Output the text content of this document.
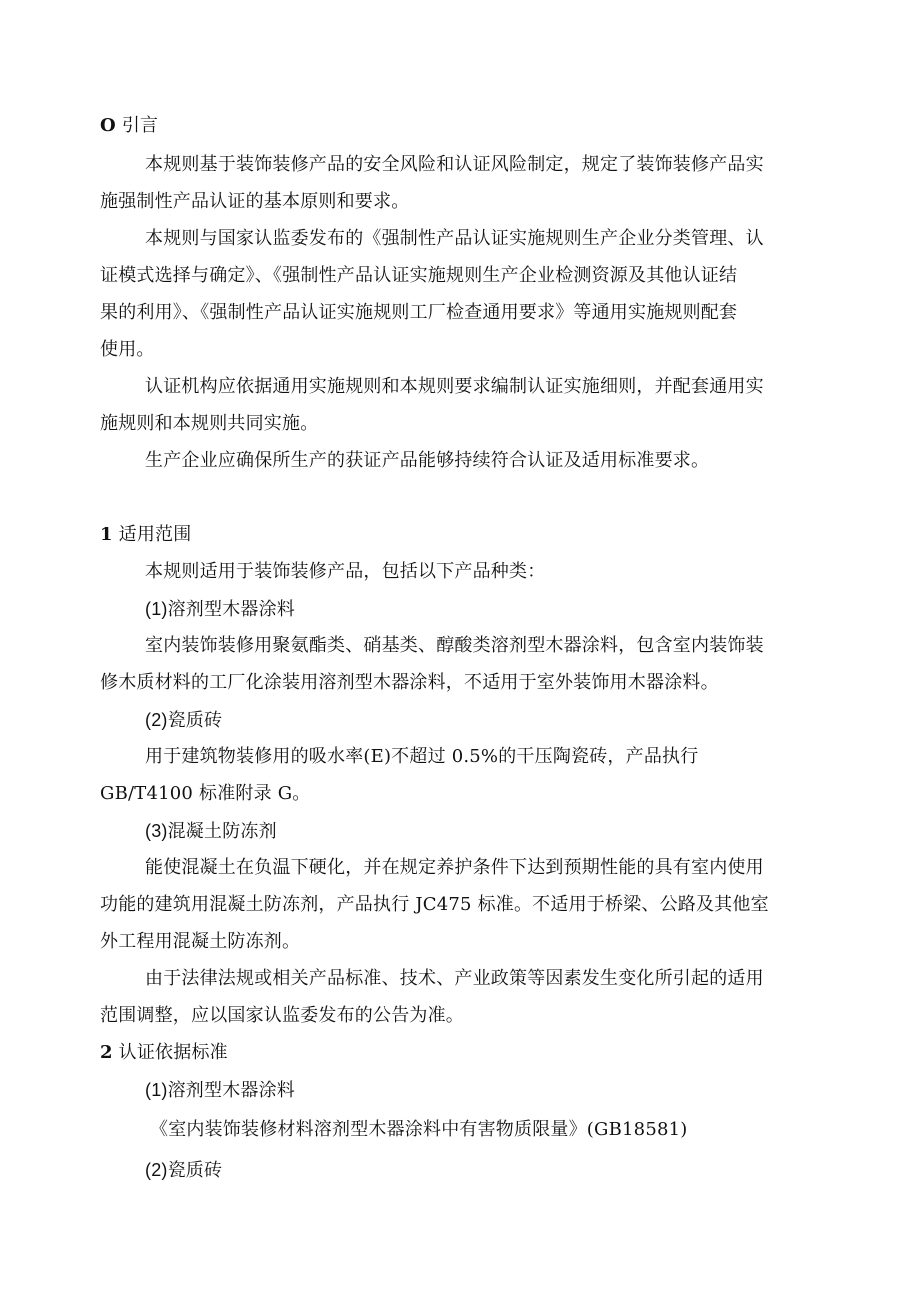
O 引言
本规则基于装饰装修产品的安全风险和认证风险制定，规定了装饰装修产品实
施强制性产品认证的基本原则和要求。
本规则与国家认监委发布的《强制性产品认证实施规则生产企业分类管理、认
证模式选择与确定》、《强制性产品认证实施规则生产企业检测资源及其他认证结
果的利用》、《强制性产品认证实施规则工厂检查通用要求》等通用实施规则配套
使用。
认证机构应依据通用实施规则和本规则要求编制认证实施细则，并配套通用实
施规则和本规则共同实施。
生产企业应确保所生产的获证产品能够持续符合认证及适用标准要求。
1 适用范围
本规则适用于装饰装修产品，包括以下产品种类：
(1)溶剂型木器涂料
室内装饰装修用聚氨酯类、硝基类、醇酸类溶剂型木器涂料，包含室内装饰装
修木质材料的工厂化涂装用溶剂型木器涂料，不适用于室外装饰用木器涂料。
(2)瓷质砖
用于建筑物装修用的吸水率(E)不超过 0.5%的干压陶瓷砖，产品执行
GB/T4100 标准附录 G。
(3)混凝土防冻剂
能使混凝土在负温下硬化，并在规定养护条件下达到预期性能的具有室内使用
功能的建筑用混凝土防冻剂，产品执行 JC475 标准。不适用于桥梁、公路及其他室
外工程用混凝土防冻剂。
由于法律法规或相关产品标准、技术、产业政策等因素发生变化所引起的适用
范围调整，应以国家认监委发布的公告为准。
2 认证依据标准
(1)溶剂型木器涂料
《室内装饰装修材料溶剂型木器涂料中有害物质限量》(GB18581)
(2)瓷质砖
